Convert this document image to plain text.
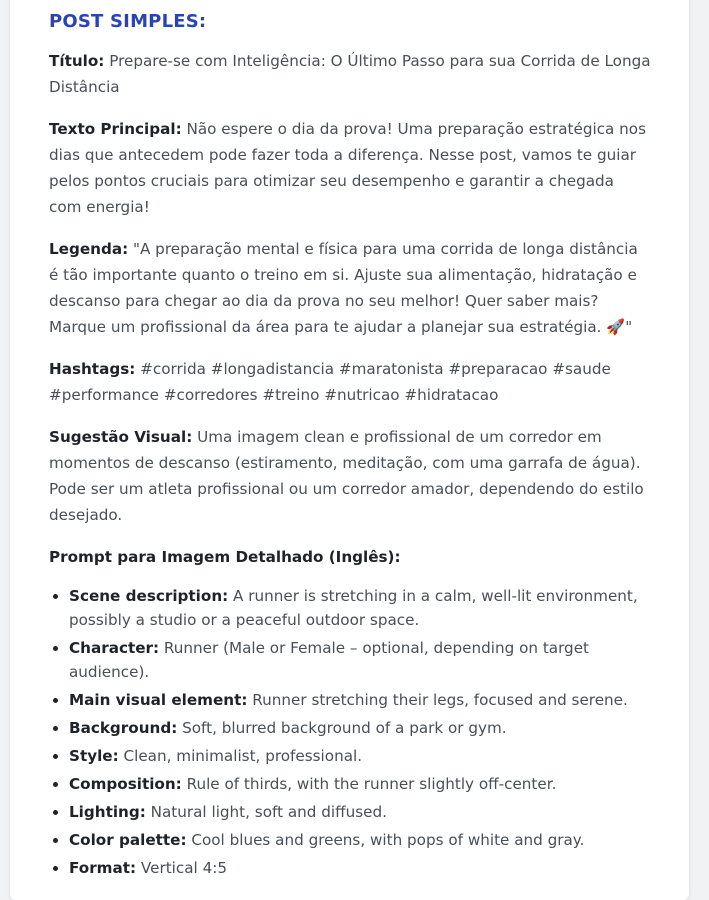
POST SIMPLES:

Título: Prepare-se com Inteligência: O Último Passo para sua Corrida de Longa Distância

Texto Principal: Não espere o dia da prova! Uma preparação estratégica nos dias que antecedem pode fazer toda a diferença. Nesse post, vamos te guiar pelos pontos cruciais para otimizar seu desempenho e garantir a chegada com energia!

Legenda: "A preparação mental e física para uma corrida de longa distância é tão importante quanto o treino em si. Ajuste sua alimentação, hidratação e descanso para chegar ao dia da prova no seu melhor! Quer saber mais? Marque um profissional da área para te ajudar a planejar sua estratégia. 🚀"

Hashtags: #corrida #longadistancia #maratonista #preparacao #saude #performance #corredores #treino #nutricao #hidratacao

Sugestão Visual: Uma imagem clean e profissional de um corredor em momentos de descanso (estiramento, meditação, com uma garrafa de água). Pode ser um atleta profissional ou um corredor amador, dependendo do estilo desejado.

Prompt para Imagem Detalhado (Inglês):
• Scene description: A runner is stretching in a calm, well-lit environment, possibly a studio or a peaceful outdoor space.
• Character: Runner (Male or Female – optional, depending on target audience).
• Main visual element: Runner stretching their legs, focused and serene.
• Background: Soft, blurred background of a park or gym.
• Style: Clean, minimalist, professional.
• Composition: Rule of thirds, with the runner slightly off-center.
• Lighting: Natural light, soft and diffused.
• Color palette: Cool blues and greens, with pops of white and gray.
• Format: Vertical 4:5
